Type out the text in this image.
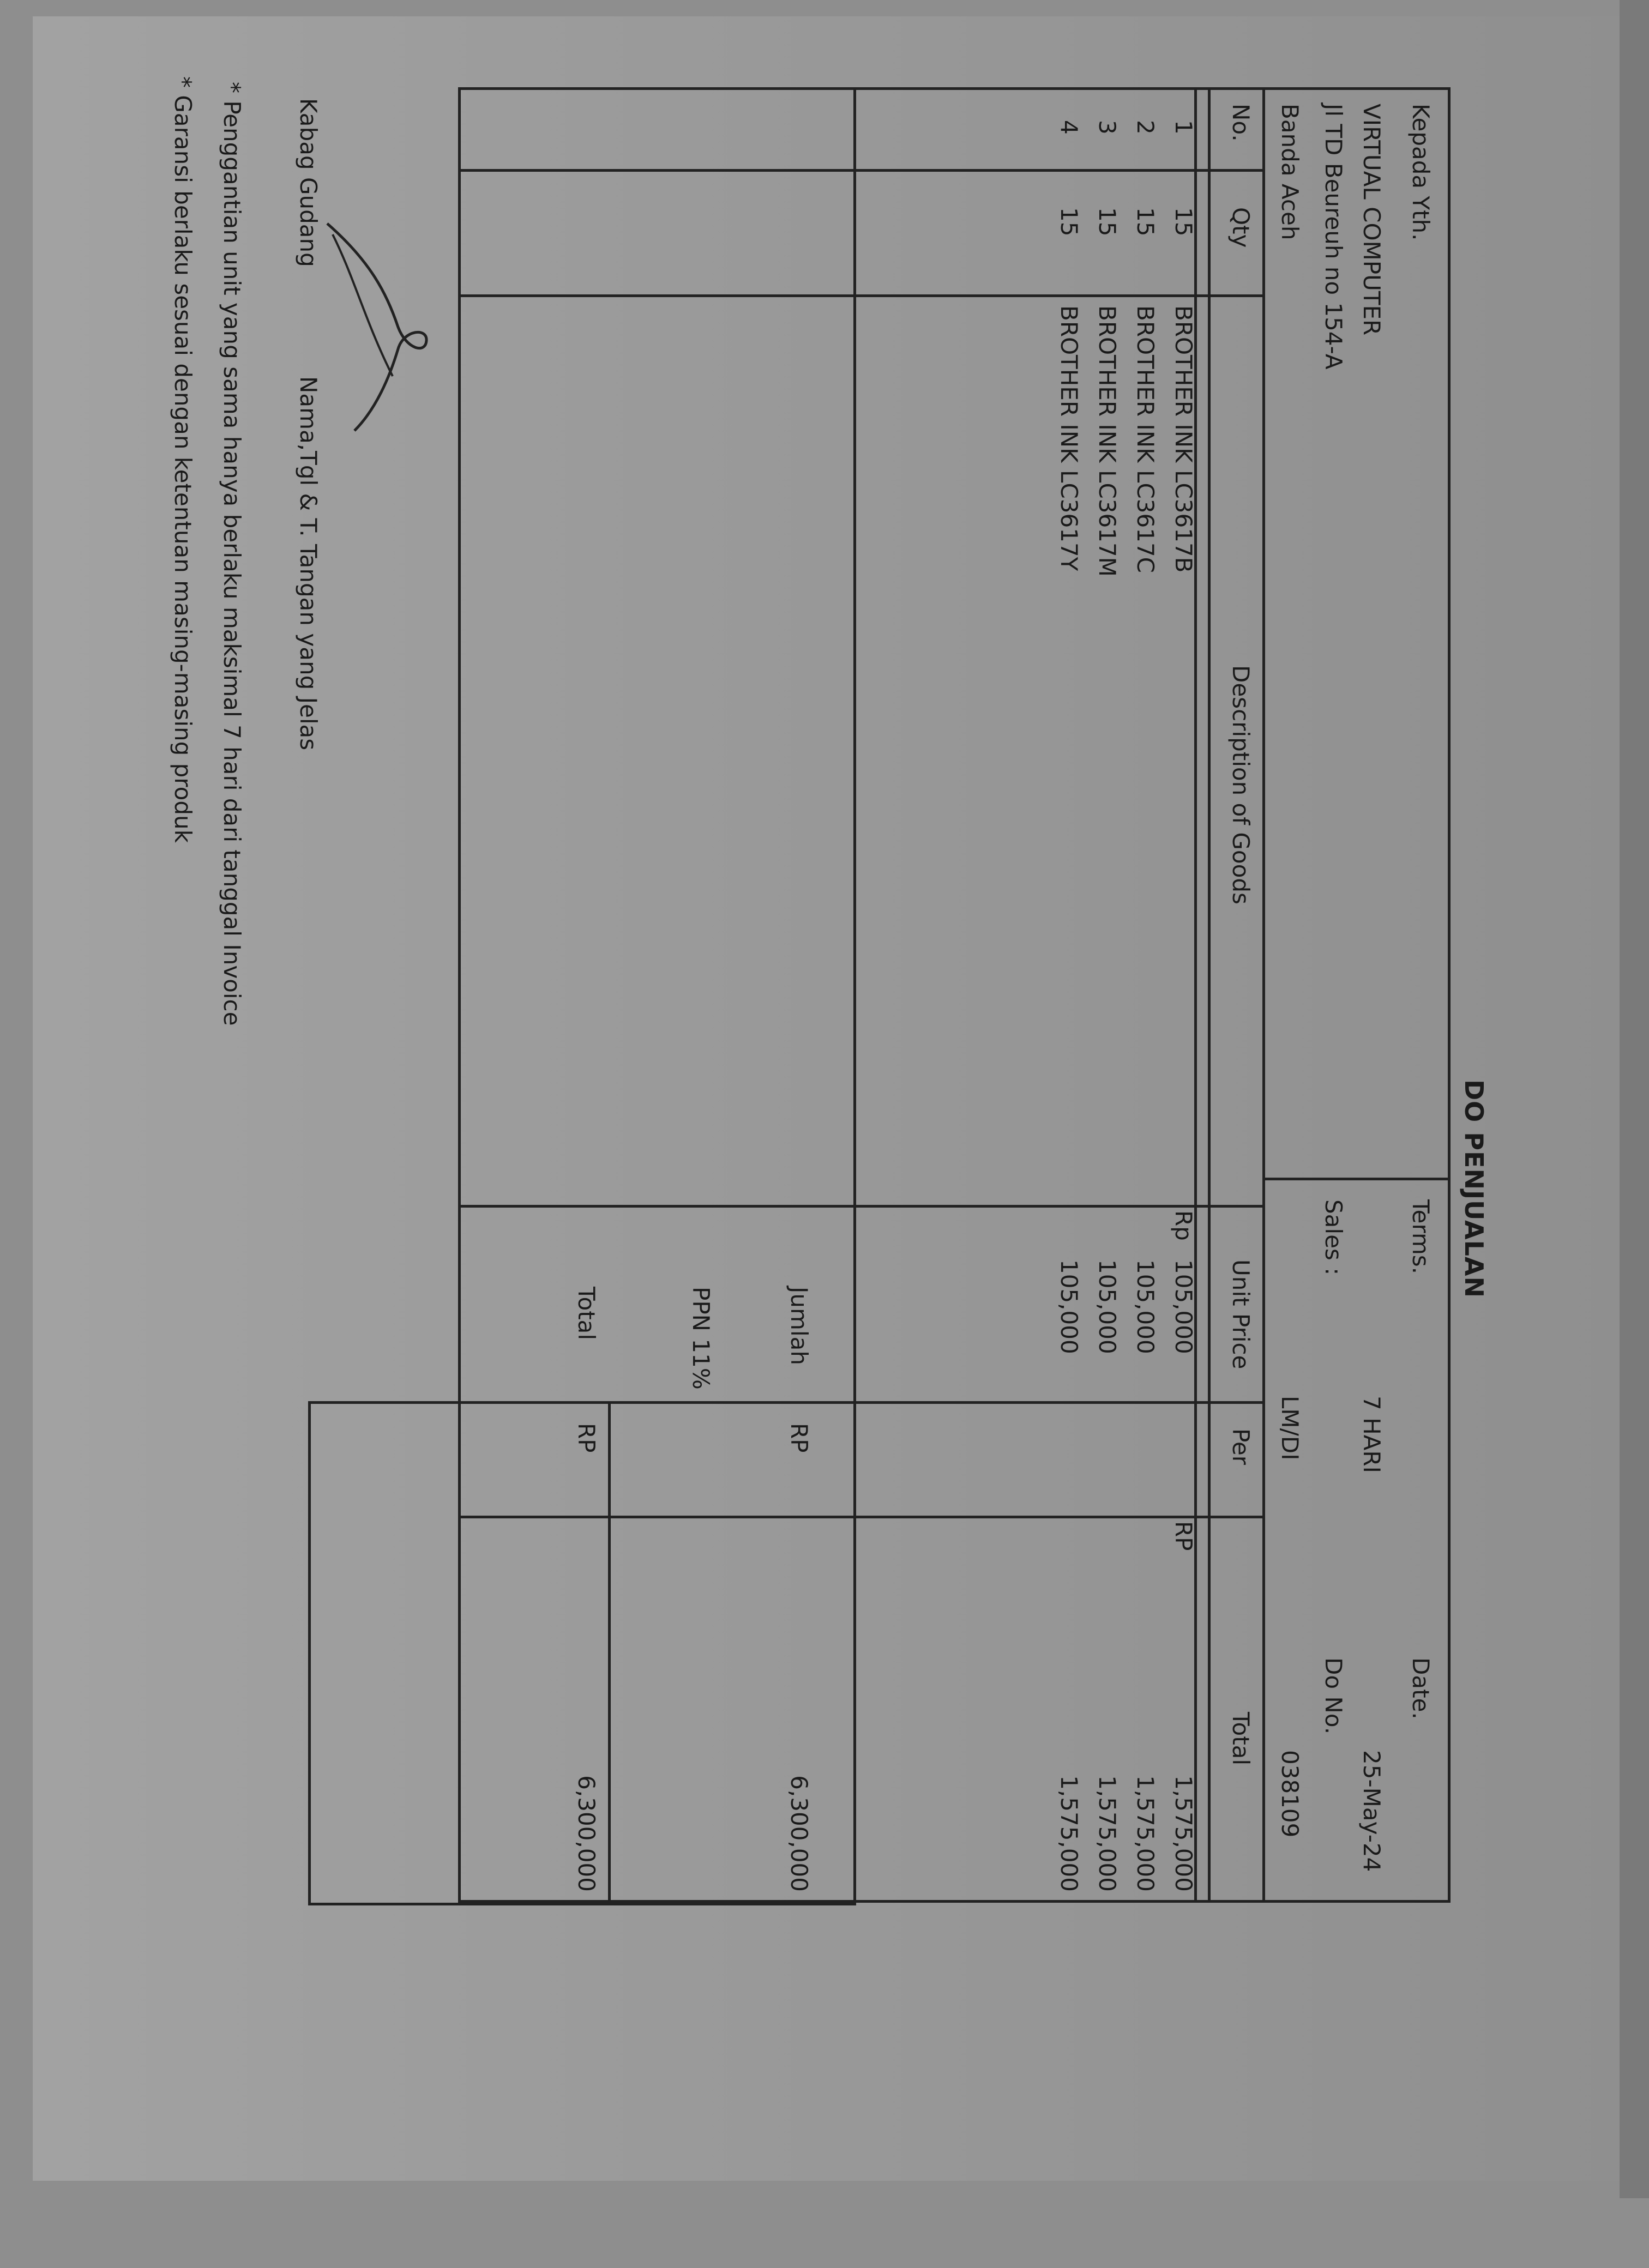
DO PENJUALAN
Kepada Yth.
VIRTUAL COMPUTER
Jl TD Beureuh no 154-A
Banda Aceh
Terms.
7 HARI
Sales :
LM/DI
Date.
25-May-24
Do No.
038109
No.
Qty
Description of Goods
Unit Price
Per
Total
1
15
BROTHER INK LC3617B
Rp
105,000
RP
1,575,000
2
15
BROTHER INK LC3617C
105,000
1,575,000
3
15
BROTHER INK LC3617M
105,000
1,575,000
4
15
BROTHER INK LC3617Y
105,000
1,575,000
Jumlah
RP
6,300,000
PPN 11%
Total
RP
6,300,000
Kabag Gudang
Nama,Tgl & T. Tangan yang Jelas
* Penggantian unit yang sama hanya berlaku maksimal 7 hari dari tanggal Invoice
* Garansi berlaku sesuai dengan ketentuan masing-masing produk
